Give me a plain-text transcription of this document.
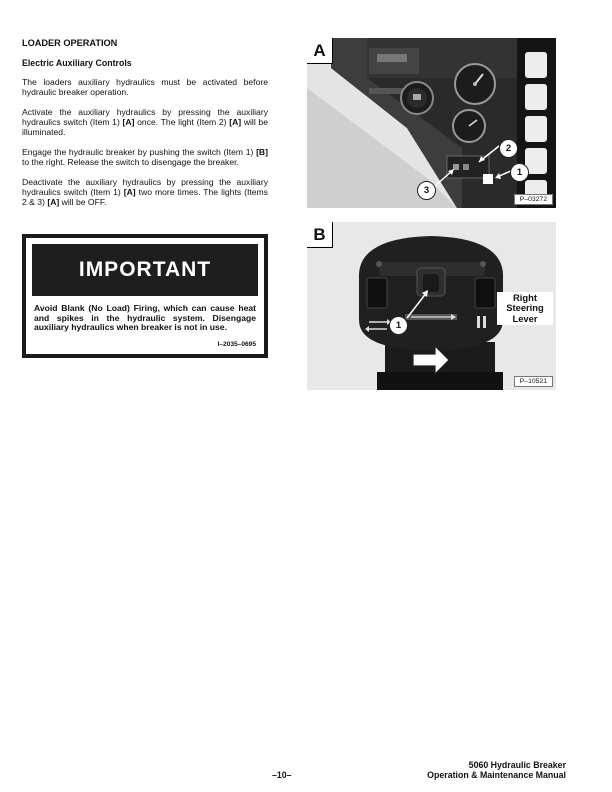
LOADER OPERATION
Electric Auxiliary Controls

The loaders auxiliary hydraulics must be activated before hydraulic breaker operation.

Activate the auxiliary hydraulics by pressing the auxiliary hydraulics switch (Item 1) [A] once. The light (Item 2) [A] will be illuminated.

Engage the hydraulic breaker by pushing the switch (Item 1) [B] to the right. Release the switch to disengage the breaker.

Deactivate the auxiliary hydraulics by pressing the auxiliary hydraulics switch (Item 1) [A] two more times. The lights (Items 2 & 3) [A] will be OFF.

IMPORTANT
Avoid Blank (No Load) Firing, which can cause heat and spikes in the hydraulic system. Disengage auxiliary hydraulics when breaker is not in use.
I–2035–0695
A
P–03272
1
2
3
B
P–10521
1
Right Steering Lever
–10–
5060 Hydraulic Breaker
Operation & Maintenance Manual
